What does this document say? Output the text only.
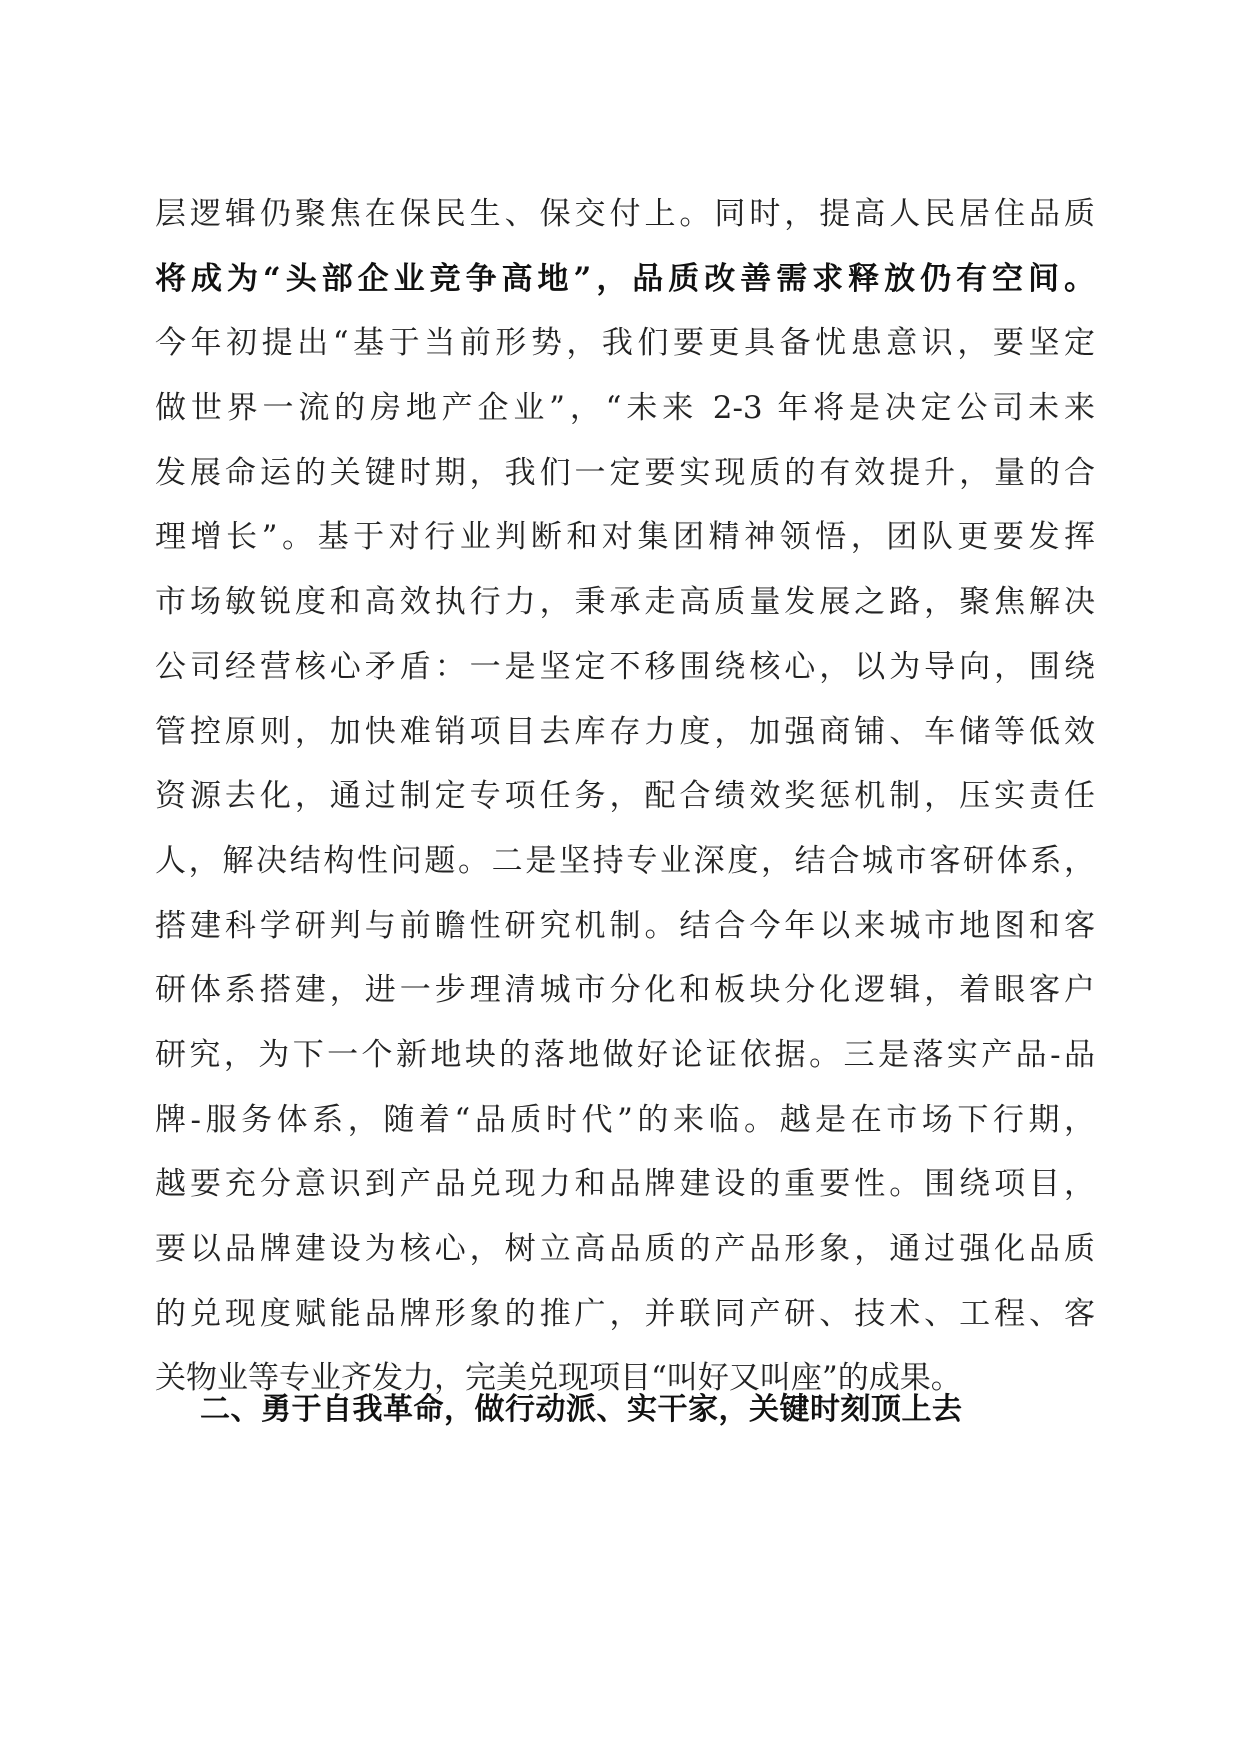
层逻辑仍聚焦在保民生、保交付上。同时，提高人民居住品质
将成为“头部企业竞争高地”，品质改善需求释放仍有空间。
今年初提出“基于当前形势，我们要更具备忧患意识，要坚定
做世界一流的房地产企业”，“未来 2-3 年将是决定公司未来
发展命运的关键时期，我们一定要实现质的有效提升，量的合
理增长”。基于对行业判断和对集团精神领悟，团队更要发挥
市场敏锐度和高效执行力，秉承走高质量发展之路，聚焦解决
公司经营核心矛盾：一是坚定不移围绕核心，以为导向，围绕
管控原则，加快难销项目去库存力度，加强商铺、车储等低效
资源去化，通过制定专项任务，配合绩效奖惩机制，压实责任
人，解决结构性问题。二是坚持专业深度，结合城市客研体系，
搭建科学研判与前瞻性研究机制。结合今年以来城市地图和客
研体系搭建，进一步理清城市分化和板块分化逻辑，着眼客户
研究，为下一个新地块的落地做好论证依据。三是落实产品-品
牌-服务体系，随着“品质时代”的来临。越是在市场下行期，
越要充分意识到产品兑现力和品牌建设的重要性。围绕项目，
要以品牌建设为核心，树立高品质的产品形象，通过强化品质
的兑现度赋能品牌形象的推广，并联同产研、技术、工程、客
关物业等专业齐发力，完美兑现项目“叫好又叫座”的成果。
二、勇于自我革命，做行动派、实干家，关键时刻顶上去
